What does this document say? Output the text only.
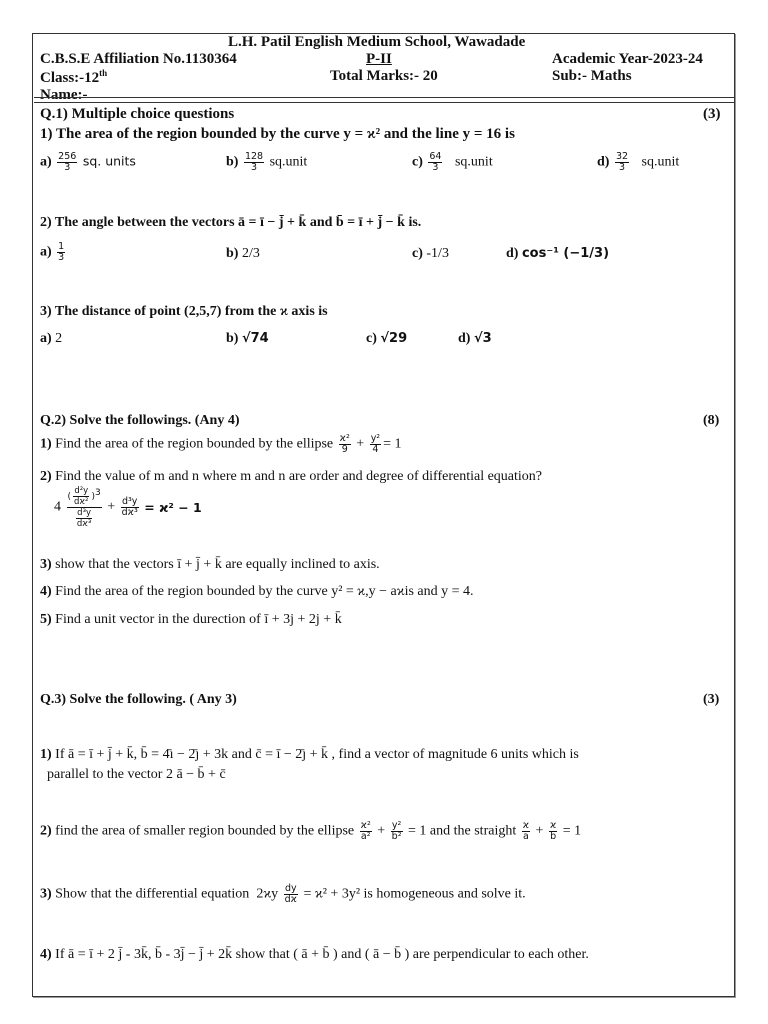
L.H. Patil English Medium School, Wawadade
C.B.S.E Affiliation No.1130364	P-II	Academic Year-2023-24
Class:-12th	Total Marks:- 20	Sub:- Maths
Name:-
Q.1) Multiple choice questions	(3)
1) The area of the region bounded by the curve y = ϰ² and the line y = 16 is
$a) \frac{256}{3}$ sq. units	$b) \frac{128}{3}$ sq.unit	$c) \frac{64}{3}$ sq.unit	$d) \frac{32}{3}$ sq.unit
2) The angle between the vectors ā = ī − j̄ + k̄ and b̄ = ī + j̄ − k̄ is.
$a) \frac{1}{3}$	b) 2/3	c) -1/3	d) cos⁻¹ (−1/3)
3) The distance of point (2,5,7) from the ϰ axis is
a) 2	b) √74	c) √29	d) √3
Q.2) Solve the followings. (Any 4)	(8)
1) Find the area of the region bounded by the ellipse $\frac{\text{ϰ²}}{9} + \frac{\text{y²}}{4} = 1$
2) Find the value of m and n where m and n are order and degree of differential equation?
$4 \frac{( \frac{\text{d²y}}{\text{dϰ²}} )^3}{\frac{\text{d³y}}{\text{dϰ³}}} + \frac{\text{d³y}}{\text{dϰ³}} = ϰ^2 - 1$
3) show that the vectors ī + j̄ + k̄ are equally inclined to axis.
4) Find the area of the region bounded by the curve y² = ϰ,y − aϰis and y = 4.
5) Find a unit vector in the durection of ī + 3j + 2j + k̄
Q.3) Solve the following. ( Any 3)	(3)
1) If ā = ī + j̄ + k̄, b̄ = 4̄ı − 2̄ȷ + 3k and c̄ = ī − 2̄ȷ + k̄ , find a vector of magnitude 6 units which is
parallel to the vector 2 ā − b̄ + c̄
2) find the area of smaller region bounded by the ellipse $\frac{\text{ϰ²}}{\text{a²}} + \frac{\text{y²}}{\text{b²}} = 1$ and the straight $\frac{ϰ}{a} + \frac{ϰ}{b} = 1$
3) Show that the differential equation $2ϰy \frac{dy}{dϰ} = ϰ^2 + 3y^2$ is homogeneous and solve it.
4) If ā = ī + 2 j̄ - 3k̄, b̄ - 3j̄ − j̄ + 2k̄ show that ( ā + b̄ ) and ( ā − b̄ ) are perpendicular to each other.
